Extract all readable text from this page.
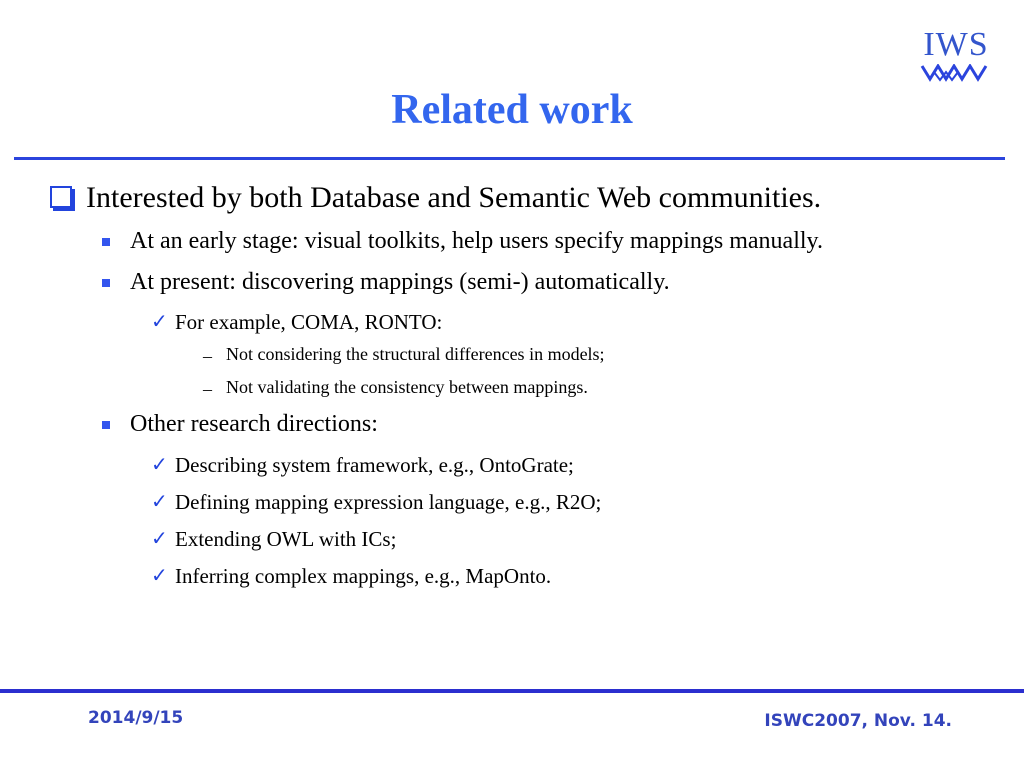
IWS
Related work
Interested by both Database and Semantic Web communities.
At an early stage: visual toolkits, help users specify mappings manually.
At present: discovering mappings (semi-) automatically.
✓ For example, COMA, RONTO:
– Not considering the structural differences in models;
– Not validating the consistency between mappings.
Other research directions:
✓ Describing system framework, e.g., OntoGrate;
✓ Defining mapping expression language, e.g., R2O;
✓ Extending OWL with ICs;
✓ Inferring complex mappings, e.g., MapOnto.
2014/9/15	ISWC2007, Nov. 14.
